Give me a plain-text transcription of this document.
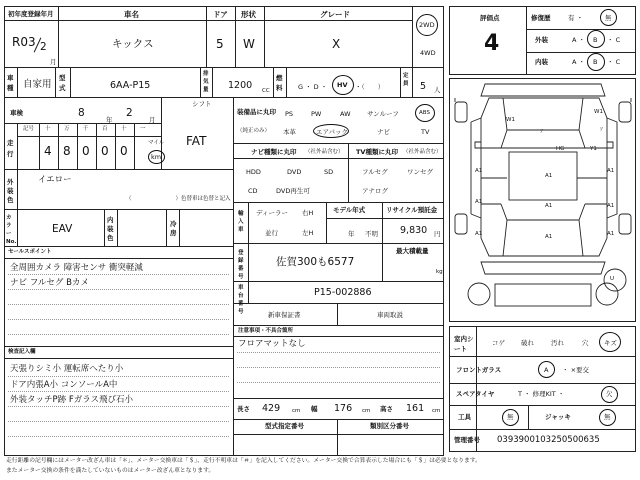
初年度登録年月
R03 2
月
車名
キックス
ドア
5
形状
W
グレード
X
2WD
4WD
車種 自家用
型式	6AA-P15
排気量 1200 CC
燃料 G ・ D ・ HV ・（　　）
定員 5 人
車検	8
年
2
月
シフト
FAT
走行
記号 十 万 千 百 十 一
4 8 0 0 0
マイル
km
外装色
イエロー
（　　　　　　　　）色替車は色替と記入
カラーNo.
EAV
内装色
冷房
セールスポイント
全周囲カメラ 障害センサ 衝突軽減
ナビ フルセグ Bカメ
検査記入欄
天張りシミ小 運転席へたり小
ドア内張A小 コンソールA中
外装タッチP跡 Fガラス飛び石小
装備品に丸印
（純正のみ）
PS	PW	AW	サンルーフ	ABS
本革	エアバック	ナビ	TV
ナビ種類に丸印 （社外品含む）
HDD	DVD	SD
CD	DVD再生可
TV種類に丸印 （社外品含む）
フルセグ	ワンセグ
アナログ
輸入車
ディーラー
並行
右H
左H
モデル年式
年 不明
リサイクル預託金
9,830 円
登録番号
佐賀300も6577
最大積載量
kg
車台番号
P15-002886
新車保証書	車両取説
注意事項・不具合箇所
フロアマットなし
長さ 429 cm 幅 176 cm 高さ 161 cm
型式指定番号	類別区分番号
評価点
4
修復歴	有 ・	無
外装	A ・ B ・ C
内装	A ・ B ・ C
A1
A1
A1
A1
A1	A1
A1	A1	A1
W1
W1
Y1
ｿ	ｿ
HG
U
室内シート
コゲ 破れ	汚れ	穴 キズ
フロントガラス	A ・ ×要交
スペアタイヤ	T ・ 修理KIT ・	欠
工具	無	ジャッキ	無
管理番号 0393900103250500635
走行距離の記号欄にはメーター改ざん車は「＊」、メーター交換車は「＄」、走行不明車は「＃」を記入してください。メーター交換で合算表示した場合にも「＄」は必要となります。
またメーター交換の条件を満たしていないものはメーター改ざん車となります。
